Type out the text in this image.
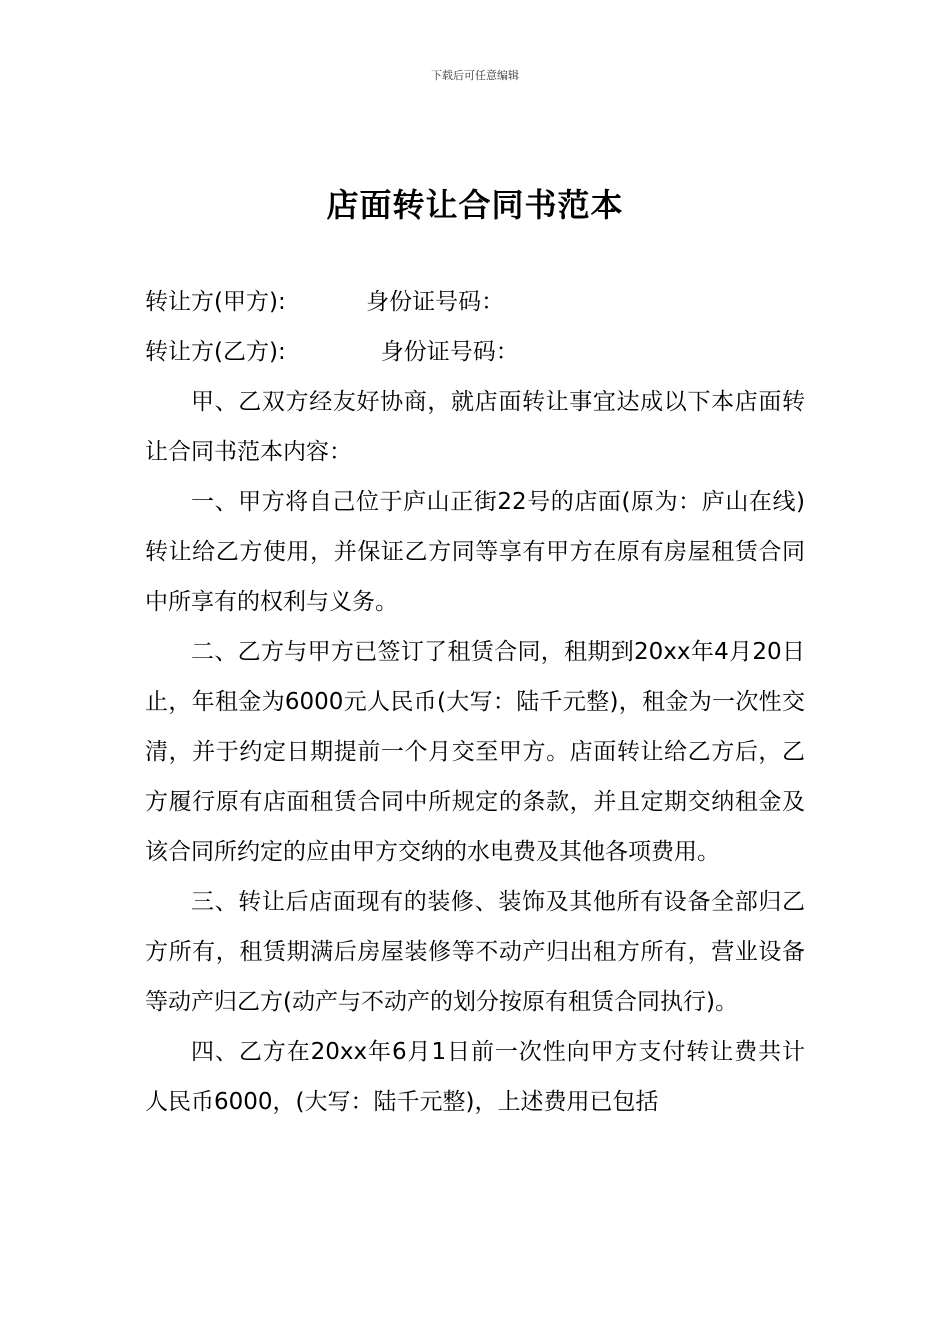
下载后可任意编辑
店面转让合同书范本

转让方(甲方):           身份证号码：

转让方(乙方):             身份证号码：

甲、乙双方经友好协商，就店面转让事宜达成以下本店面转让合同书范本内容：

一、甲方将自己位于庐山正街22号的店面(原为：庐山在线)转让给乙方使用，并保证乙方同等享有甲方在原有房屋租赁合同中所享有的权利与义务。

二、乙方与甲方已签订了租赁合同，租期到20xx年4月20日止，年租金为6000元人民币(大写：陆千元整)，租金为一次性交清，并于约定日期提前一个月交至甲方。店面转让给乙方后，乙方履行原有店面租赁合同中所规定的条款，并且定期交纳租金及该合同所约定的应由甲方交纳的水电费及其他各项费用。

三、转让后店面现有的装修、装饰及其他所有设备全部归乙方所有，租赁期满后房屋装修等不动产归出租方所有，营业设备等动产归乙方(动产与不动产的划分按原有租赁合同执行)。

四、乙方在20xx年6月1日前一次性向甲方支付转让费共计人民币6000，(大写：陆千元整)，上述费用已包括
